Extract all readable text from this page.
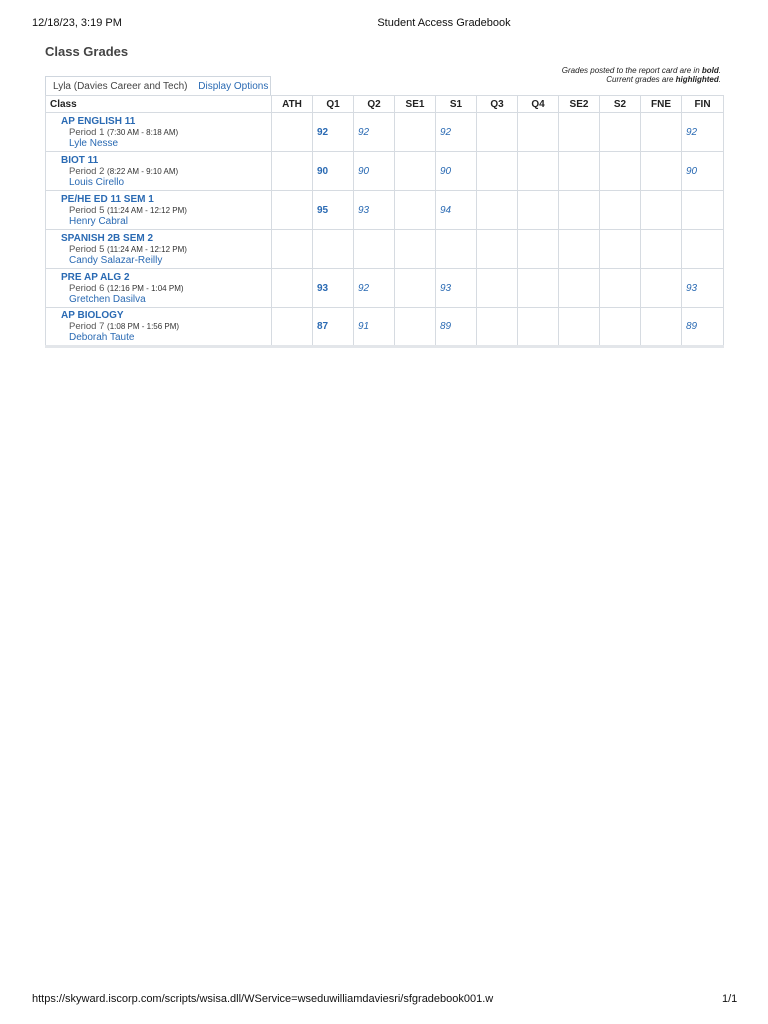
12/18/23, 3:19 PM	Student Access Gradebook
Class Grades
Grades posted to the report card are in bold.
Current grades are highlighted.
Lyla (Davies Career and Tech) Display Options
Class	ATH	Q1	Q2	SE1	S1	Q3	Q4	SE2	S2	FNE	FIN

AP ENGLISH 11
Period 1 (7:30 AM - 8:18 AM)
Lyle Nesse		92	92		92						92

BIOT 11
Period 2 (8:22 AM - 9:10 AM)
Louis Cirello		90	90		90						90

PE/HE ED 11 SEM 1
Period 5 (11:24 AM - 12:12 PM)
Henry Cabral		95	93		94						

SPANISH 2B SEM 2
Period 5 (11:24 AM - 12:12 PM)
Candy Salazar-Reilly											

PRE AP ALG 2
Period 6 (12:16 PM - 1:04 PM)
Gretchen Dasilva		93	92		93						93

AP BIOLOGY
Period 7 (1:08 PM - 1:56 PM)
Deborah Taute		87	91		89						89
https://skyward.iscorp.com/scripts/wsisa.dll/WService=wseduwilliamdaviesri/sfgradebook001.w	1/1
